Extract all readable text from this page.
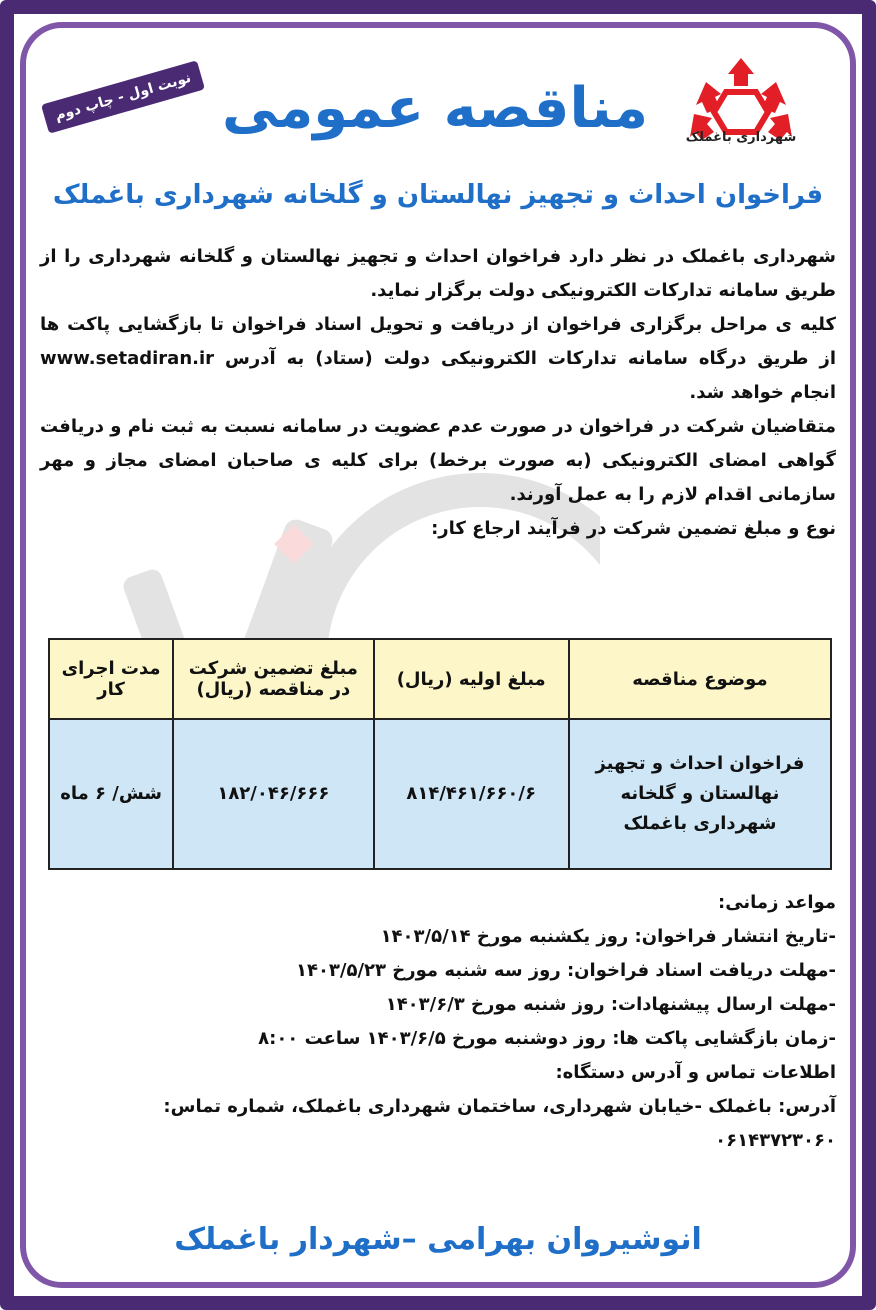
شهرداری باغملک
نوبت اول - چاپ دوم مناقصه عمومی
فراخوان احداث و تجهیز نهالستان و گلخانه شهرداری باغملک

شهرداری باغملک در نظر دارد فراخوان احداث و تجهیز نهالستان و گلخانه شهرداری را از طریق سامانه تدارکات الکترونیکی دولت برگزار نماید.

کلیه ی مراحل برگزاری فراخوان از دریافت و تحویل اسناد فراخوان تا بازگشایی پاکت ها از طریق درگاه سامانه تدارکات الکترونیکی دولت (ستاد) به آدرس www.setadiran.ir انجام خواهد شد.

متقاضیان شرکت در فراخوان در صورت عدم عضویت در سامانه نسبت به ثبت نام و دریافت گواهی امضای الکترونیکی (به صورت برخط) برای کلیه ی صاحبان امضای مجاز و مهر سازمانی اقدام لازم را به عمل آورند.

نوع و مبلغ تضمین شرکت در فرآیند ارجاع کار:

موضوع مناقصه	مبلغ اولیه (ریال)	مبلغ تضمین شرکت در مناقصه (ریال)	مدت اجرای کار
فراخوان احداث و تجهیز نهالستان و گلخانه شهرداری باغملک	۸۱۴/۴۶۱/۶۶۰/۶	۱۸۲/۰۴۶/۶۶۶	شش/ ۶ ماه

مواعد زمانی:

-تاریخ انتشار فراخوان: روز یکشنبه مورخ ۱۴۰۳/۵/۱۴

-مهلت دریافت اسناد فراخوان: روز سه شنبه مورخ ۱۴۰۳/۵/۲۳

-مهلت ارسال پیشنهادات: روز شنبه مورخ ۱۴۰۳/۶/۳

-زمان بازگشایی پاکت ها: روز دوشنبه مورخ ۱۴۰۳/۶/۵ ساعت ۸:۰۰

اطلاعات تماس و آدرس دستگاه:

آدرس: باغملک -خیابان شهرداری، ساختمان شهرداری باغملک، شماره تماس: ۰۶۱۴۳۷۲۳۰۶۰

انوشیروان بهرامی –شهردار باغملک
